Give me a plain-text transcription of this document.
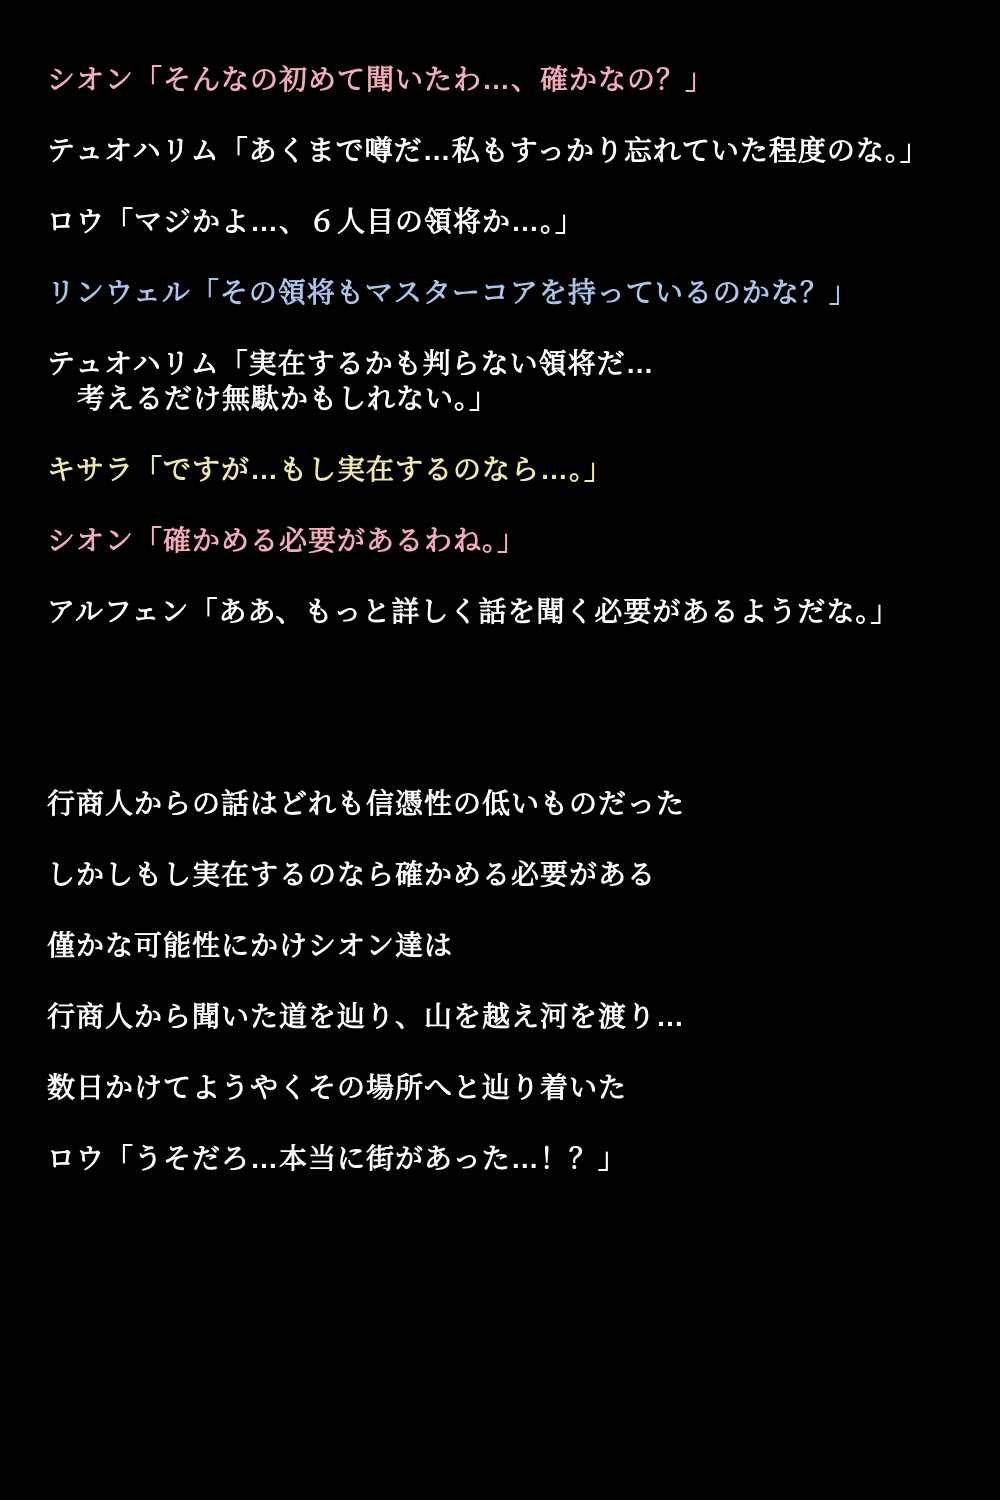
シオン「そんなの初めて聞いたわ…、確かなの？」

テュオハリム「あくまで噂だ…私もすっかり忘れていた程度のな。」

ロウ「マジかよ…、６人目の領将か…。」

リンウェル「その領将もマスターコアを持っているのかな？」

テュオハリム「実在するかも判らない領将だ…
考えるだけ無駄かもしれない。」

キサラ「ですが…もし実在するのなら…。」

シオン「確かめる必要があるわね。」

アルフェン「ああ、もっと詳しく話を聞く必要があるようだな。」

行商人からの話はどれも信憑性の低いものだった

しかしもし実在するのなら確かめる必要がある

僅かな可能性にかけシオン達は

行商人から聞いた道を辿り、山を越え河を渡り…

数日かけてようやくその場所へと辿り着いた

ロウ「うそだろ…本当に街があった…！？」
